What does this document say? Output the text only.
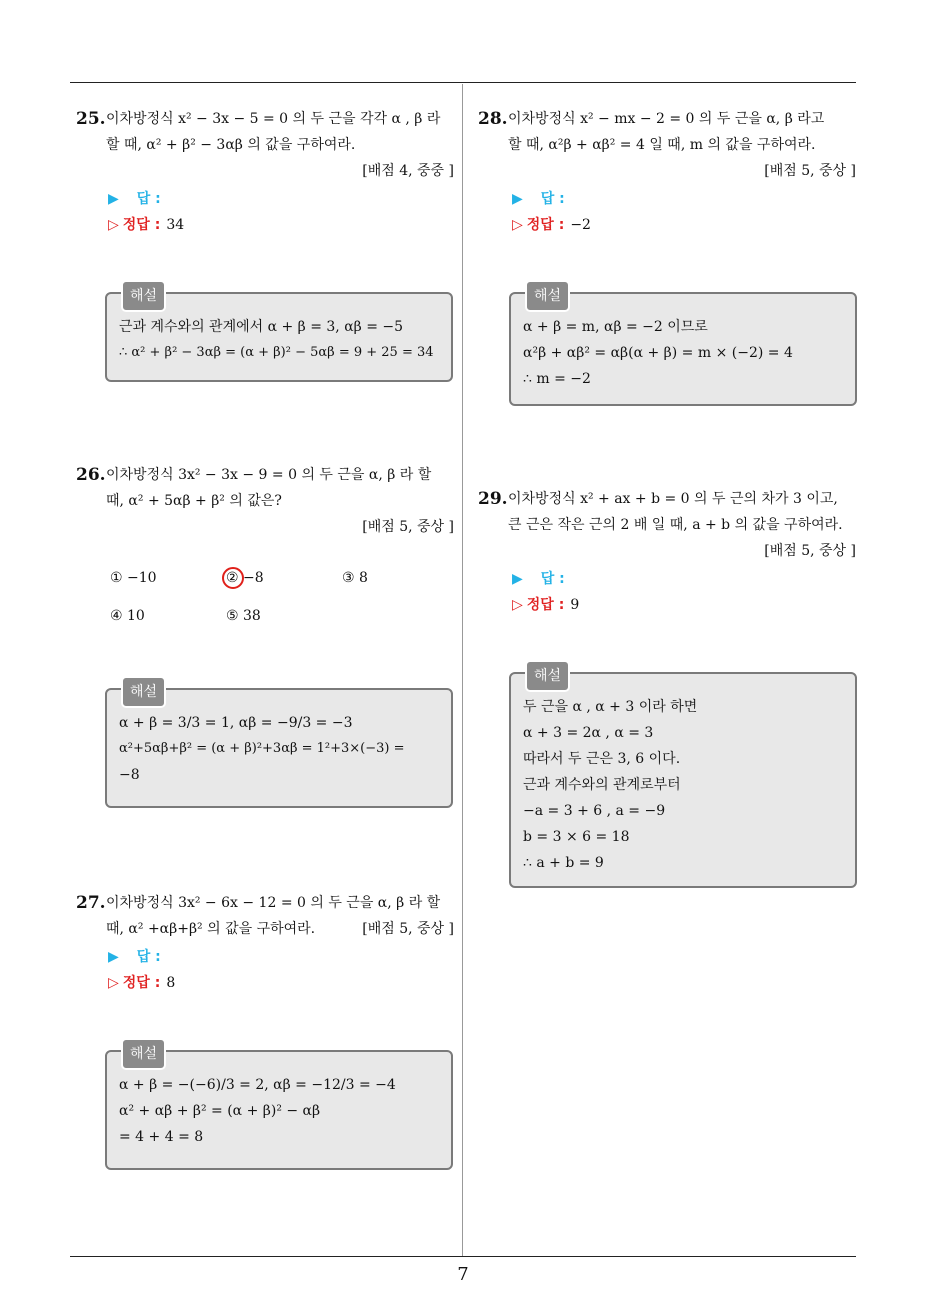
7
25. 이차방정식 x² − 3x − 5 = 0 의 두 근을 각각 α , β 라
할 때, α² + β² − 3αβ 의 값을 구하여라.
[배점 4, 중중 ]
▶ 답 :
▷ 정답 : 34
해설
근과 계수와의 관계에서 α + β = 3, αβ = −5
∴ α² + β² − 3αβ = (α + β)² − 5αβ = 9 + 25 = 34
26. 이차방정식 3x² − 3x − 9 = 0 의 두 근을 α, β 라 할
때, α² + 5αβ + β² 의 값은?
[배점 5, 중상 ]
① −10	② −8	③ 8
④ 10	⑤ 38
해설
α + β = 3/3 = 1, αβ = −9/3 = −3
α²+5αβ+β² = (α + β)²+3αβ = 1²+3×(−3) =
−8
27. 이차방정식 3x² − 6x − 12 = 0 의 두 근을 α, β 라 할
때, α² +αβ+β² 의 값을 구하여라.	[배점 5, 중상 ]
▶ 답 :
▷ 정답 : 8
해설
α + β = −(−6)/3 = 2, αβ = −12/3 = −4
α² + αβ + β² = (α + β)² − αβ
= 4 + 4 = 8
28. 이차방정식 x² − mx − 2 = 0 의 두 근을 α, β 라고
할 때, α²β + αβ² = 4 일 때, m 의 값을 구하여라.
[배점 5, 중상 ]
▶ 답 :
▷ 정답 : −2
해설
α + β = m, αβ = −2 이므로
α²β + αβ² = αβ(α + β) = m × (−2) = 4
∴ m = −2
29. 이차방정식 x² + ax + b = 0 의 두 근의 차가 3 이고,
큰 근은 작은 근의 2 배 일 때, a + b 의 값을 구하여라.
[배점 5, 중상 ]
▶ 답 :
▷ 정답 : 9
해설
두 근을 α , α + 3 이라 하면
α + 3 = 2α , α = 3
따라서 두 근은 3, 6 이다.
근과 계수와의 관계로부터
−a = 3 + 6 , a = −9
b = 3 × 6 = 18
∴ a + b = 9
